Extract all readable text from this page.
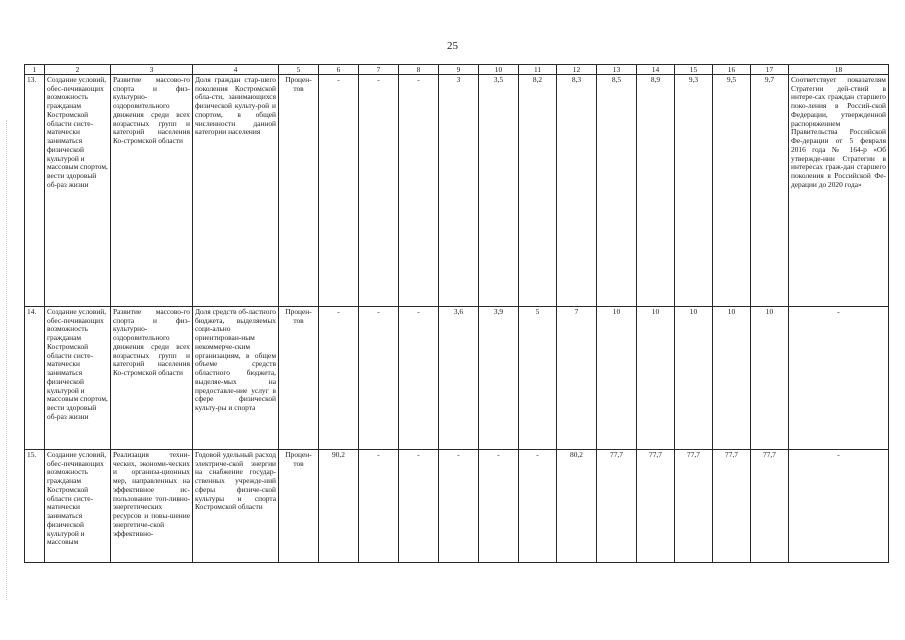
25
1	2	3	4	5	6	7	8	9	10	11	12	13	14	15	16	17	18
13.	Создание условий, обес-печивающих возможность гражданам Костромской области систе-матически заниматься физической культурой и массовым спортом, вести здоровый об-раз жизни	Развитие массово-го спорта и физ-культурно-оздоровительного движения среди всех возрастных групп и категорий населения Ко-стромской области	Доля граждан стар-шего поколения Костромской обла-сти, занимающихся физической культу-рой и спортом, в общей численности данной категории населения	Процен-тов	-	-	-	3	3,5	8,2	8,3	8,5	8,9	9,3	9,5	9,7	Соответствует показателям Стратегии дей-ствий в интере-сах граждан старшего поко-ления в Россий-ской Федерации, утвержденной распоряжением Правительства Российской Фе-дерации от 5 февраля 2016 года № 164-р «Об утвержде-нии Стратегии в интересах граж-дан старшего поколения в Российской Фе-дерации до 2020 года»
14.	Создание условий, обес-печивающих возможность гражданам Костромской области систе-матически заниматься физической культурой и массовым спортом, вести здоровый об-раз жизни	Развитие массово-го спорта и физ-культурно-оздоровительного движения среди всех возрастных групп и категорий населения Ко-стромской области	Доля средств об-ластного бюджета, выделяемых соци-ально ориентирован-ным некоммерче-ским организациям, в общем объеме средств областного бюджета, выделяе-мых на предоставле-ние услуг в сфере физической культу-ры и спорта	Процен-тов	-	-	-	3,6	3,9	5	7	10	10	10	10	10	-
15.	Создание условий, обес-печивающих возможность гражданам Костромской области систе-матически заниматься физической культурой и массовым	Реализация техни-ческих, экономи-ческих и организа-ционных мер, направленных на эффективное ис-пользование топ-ливно-энергетических ресурсов и повы-шение энергетиче-ской эффективно-	Годовой удельный расход электриче-ской энергии на снабжение государ-ственных учрежде-ний сферы физиче-ской культуры и спорта Костромской области	Процен-тов	90,2	-	-	-	-	-	80,2	77,7	77,7	77,7	77,7	77,7	-
